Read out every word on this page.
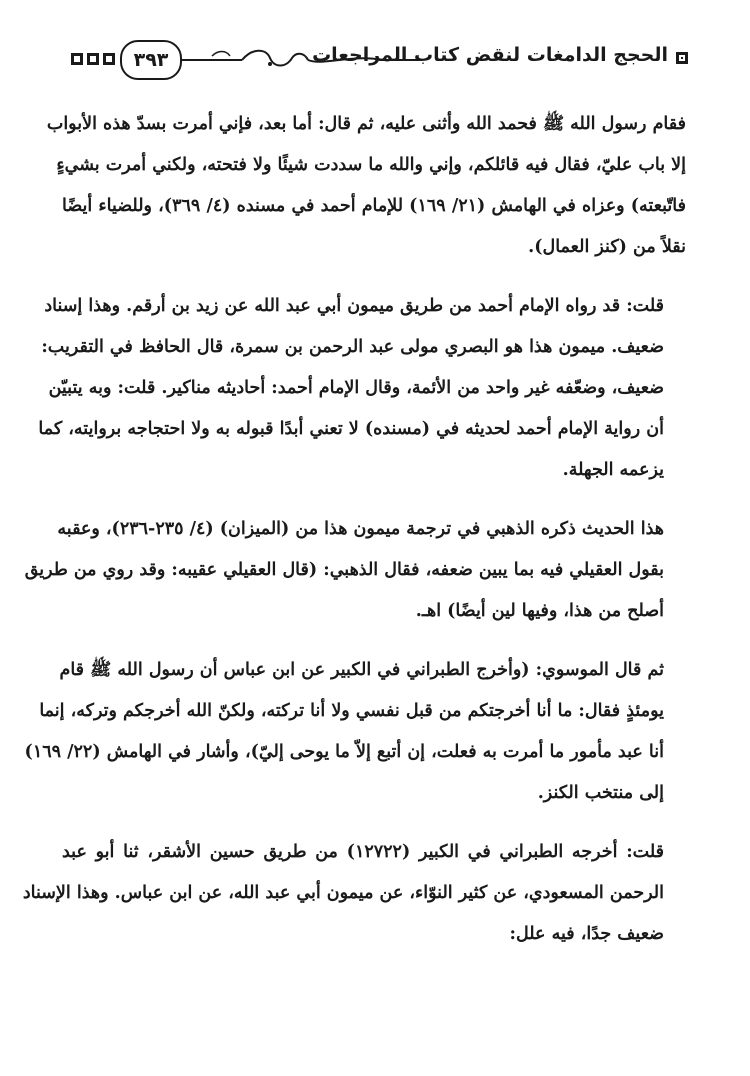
الحجج الدامغات لنقض كتاب المراجعات
٣٩٣

فقام رسول الله ﷺ فحمد الله وأثنى عليه، ثم قال: أما بعد، فإني أمرت بسدّ هذه الأبواب
إلا باب عليّ، فقال فيه قائلكم، وإني والله ما سددت شيئًا ولا فتحته، ولكني أمرت بشيءٍ
فاتّبعته) وعزاه في الهامش (٢١/ ١٦٩) للإمام أحمد في مسنده (٤/ ٣٦٩)، وللضياء أيضًا
نقلاً من (كنز العمال).

قلت: قد رواه الإمام أحمد من طريق ميمون أبي عبد الله عن زيد بن أرقم. وهذا إسناد
ضعيف. ميمون هذا هو البصري مولى عبد الرحمن بن سمرة، قال الحافظ في التقريب:
ضعيف، وضعّفه غير واحد من الأئمة، وقال الإمام أحمد: أحاديثه مناكير. قلت: وبه يتبيّن
أن رواية الإمام أحمد لحديثه في (مسنده) لا تعني أبدًا قبوله به ولا احتجاجه بروايته، كما
يزعمه الجهلة.

هذا الحديث ذكره الذهبي في ترجمة ميمون هذا من (الميزان) (٤/ ٢٣٥-٢٣٦)، وعقبه
بقول العقيلي فيه بما يبين ضعفه، فقال الذهبي: (قال العقيلي عقيبه: وقد روي من طريق
أصلح من هذا، وفيها لين أيضًا) اهـ.

ثم قال الموسوي: (وأخرج الطبراني في الكبير عن ابن عباس أن رسول الله ﷺ قام
يومئذٍ فقال: ما أنا أخرجتكم من قبل نفسي ولا أنا تركته، ولكنّ الله أخرجكم وتركه، إنما
أنا عبد مأمور ما أمرت به فعلت، إن أتبع إلاّ ما يوحى إليّ)، وأشار في الهامش (٢٢/ ١٦٩)
إلى منتخب الكنز.

قلت: أخرجه الطبراني في الكبير (١٢٧٢٢) من طريق حسين الأشقر، ثنا أبو عبد
الرحمن المسعودي، عن كثير النوّاء، عن ميمون أبي عبد الله، عن ابن عباس. وهذا الإسناد
ضعيف جدًا، فيه علل:
